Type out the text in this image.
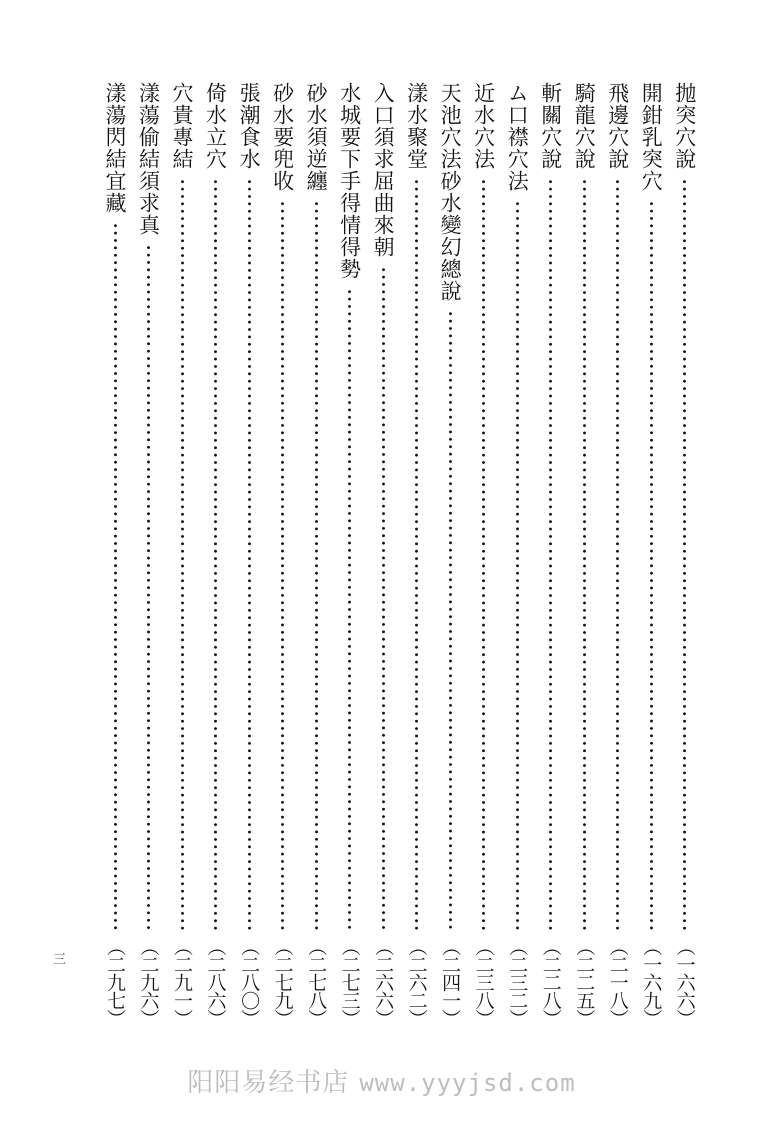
抛突穴說
（一六六）
開鉗乳突穴
（一六九）
飛邊穴說
（二一八）
騎龍穴說
（二二五）
斬關穴說
（二二八）
ム口襟穴法
（二三二）
近水穴法
（二三八）
天池穴法砂水變幻總說
（二四一）
漾水聚堂
（二六二）
入口須求屈曲來朝
（二六六）
水城要下手得情得勢
（二七三）
砂水須逆纏
（二七八）
砂水要兜收
（二七九）
張潮食水
（二八〇）
倚水立穴
（二八六）
穴貴專結
（二九一）
漾蕩偷結須求真
（二九六）
漾蕩閃結宜藏
（二九七）
三
阳阳易经书店 www.yyyjsd.com
